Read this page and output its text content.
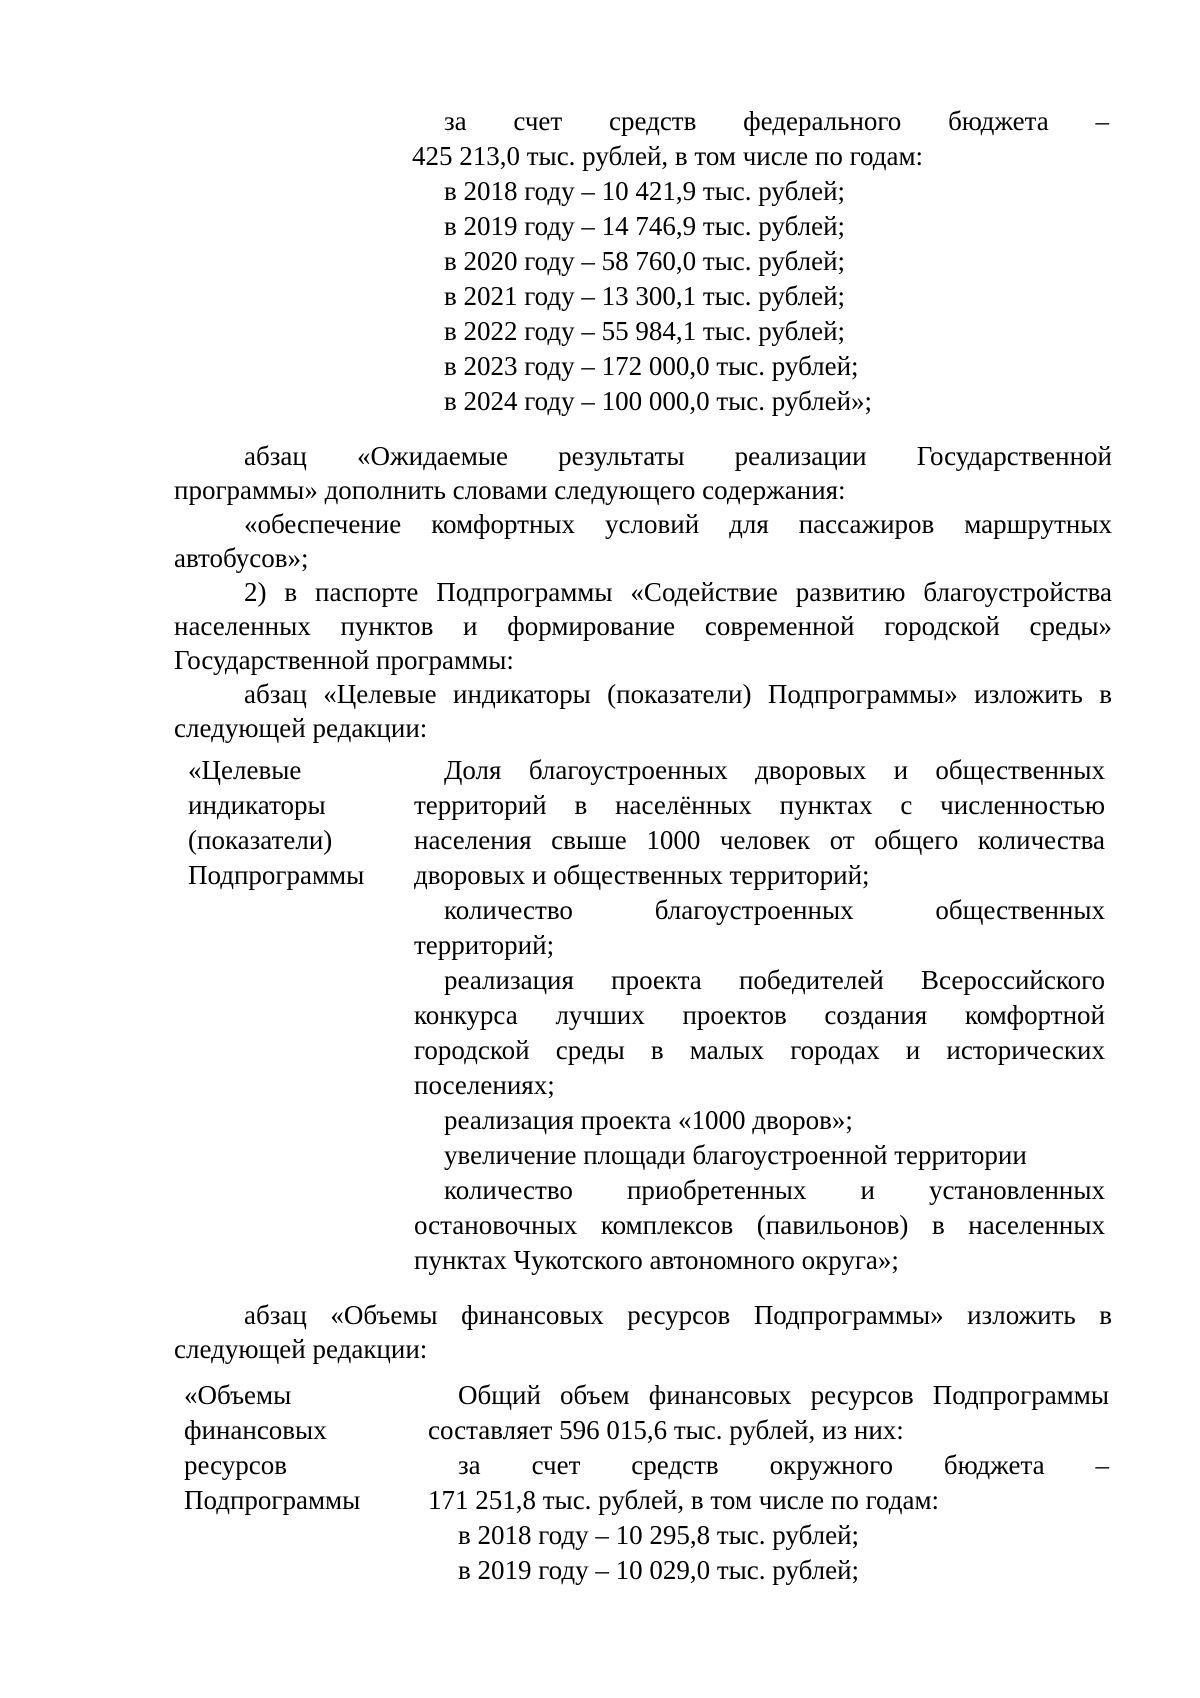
за счет средств федерального бюджета –
425 213,0 тыс. рублей, в том числе по годам:
в 2018 году – 10 421,9 тыс. рублей;
в 2019 году – 14 746,9 тыс. рублей;
в 2020 году – 58 760,0 тыс. рублей;
в 2021 году – 13 300,1 тыс. рублей;
в 2022 году – 55 984,1 тыс. рублей;
в 2023 году – 172 000,0 тыс. рублей;
в 2024 году – 100 000,0 тыс. рублей»;
абзац «Ожидаемые результаты реализации Государственной
программы» дополнить словами следующего содержания:
«обеспечение комфортных условий для пассажиров маршрутных
автобусов»;
2) в паспорте Подпрограммы «Содействие развитию благоустройства
населенных пунктов и формирование современной городской среды»
Государственной программы:
абзац «Целевые индикаторы (показатели) Подпрограммы» изложить в
следующей редакции:
«Целевые
индикаторы
(показатели)
Подпрограммы
Доля благоустроенных дворовых и общественных
территорий в населённых пунктах с численностью
населения свыше 1000 человек от общего количества
дворовых и общественных территорий;
количество благоустроенных общественных
территорий;
реализация проекта победителей Всероссийского
конкурса лучших проектов создания комфортной
городской среды в малых городах и исторических
поселениях;
реализация проекта «1000 дворов»;
увеличение площади благоустроенной территории
количество приобретенных и установленных
остановочных комплексов (павильонов) в населенных
пунктах Чукотского автономного округа»;
абзац «Объемы финансовых ресурсов Подпрограммы» изложить в
следующей редакции:
«Объемы
финансовых
ресурсов
Подпрограммы
Общий объем финансовых ресурсов Подпрограммы
составляет 596 015,6 тыс. рублей, из них:
за счет средств окружного бюджета –
171 251,8 тыс. рублей, в том числе по годам:
в 2018 году – 10 295,8 тыс. рублей;
в 2019 году – 10 029,0 тыс. рублей;
